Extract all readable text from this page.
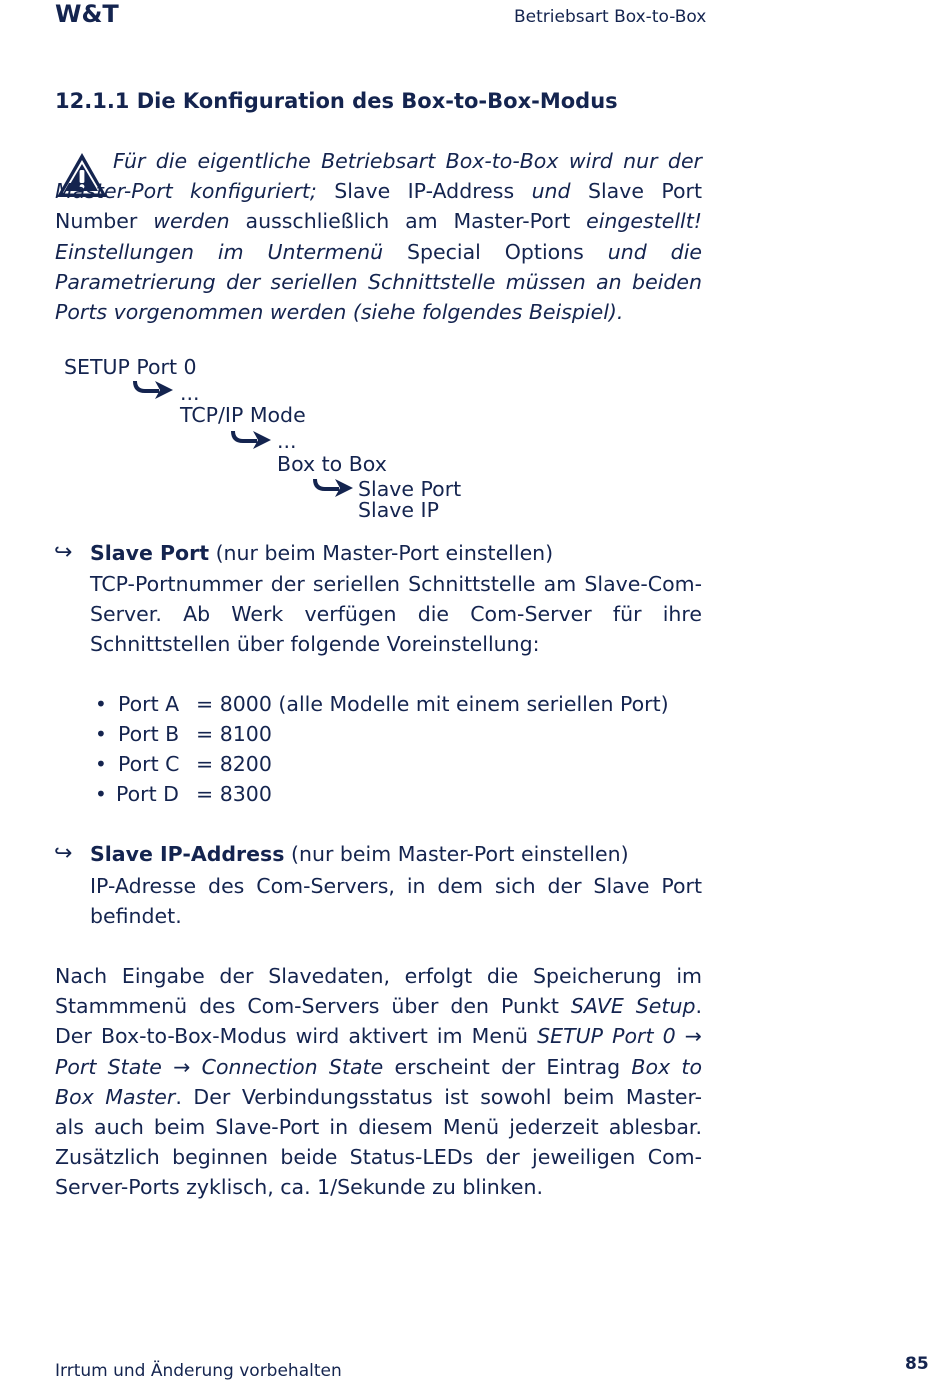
W&T	Betriebsart Box-to-Box
12.1.1 Die Konfiguration des Box-to-Box-Modus

Für die eigentliche Betriebsart Box-to-Box wird nur der Master-Port konfiguriert; Slave IP-Address und Slave Port Number werden ausschließlich am Master-Port eingestellt! Einstellungen im Untermenü Special Options und die Parametrierung der seriellen Schnittstelle müssen an beiden Ports vorgenommen werden (siehe folgendes Beispiel).

SETUP Port 0
...
TCP/IP Mode
...
Box to Box
Slave Port
Slave IP
↪ Slave Port (nur beim Master-Port einstellen)

TCP-Portnummer der seriellen Schnittstelle am Slave-Com-Server. Ab Werk verfügen die Com-Server für ihre Schnittstellen über folgende Voreinstellung:

• Port A = 8000 (alle Modelle mit einem seriellen Port)
• Port B = 8100
• Port C = 8200
• Port D = 8300
↪ Slave IP-Address (nur beim Master-Port einstellen)

IP-Adresse des Com-Servers, in dem sich der Slave Port befindet.

Nach Eingabe der Slavedaten, erfolgt die Speicherung im Stammmenü des Com-Servers über den Punkt SAVE Setup. Der Box-to-Box-Modus wird aktivert im Menü SETUP Port 0 → Port State → Connection State erscheint der Eintrag Box to Box Master. Der Verbindungsstatus ist sowohl beim Master- als auch beim Slave-Port in diesem Menü jederzeit ablesbar. Zusätzlich beginnen beide Status-LEDs der jeweiligen Com-Server-Ports zyklisch, ca. 1/Sekunde zu blinken.

Irrtum und Änderung vorbehalten	85
